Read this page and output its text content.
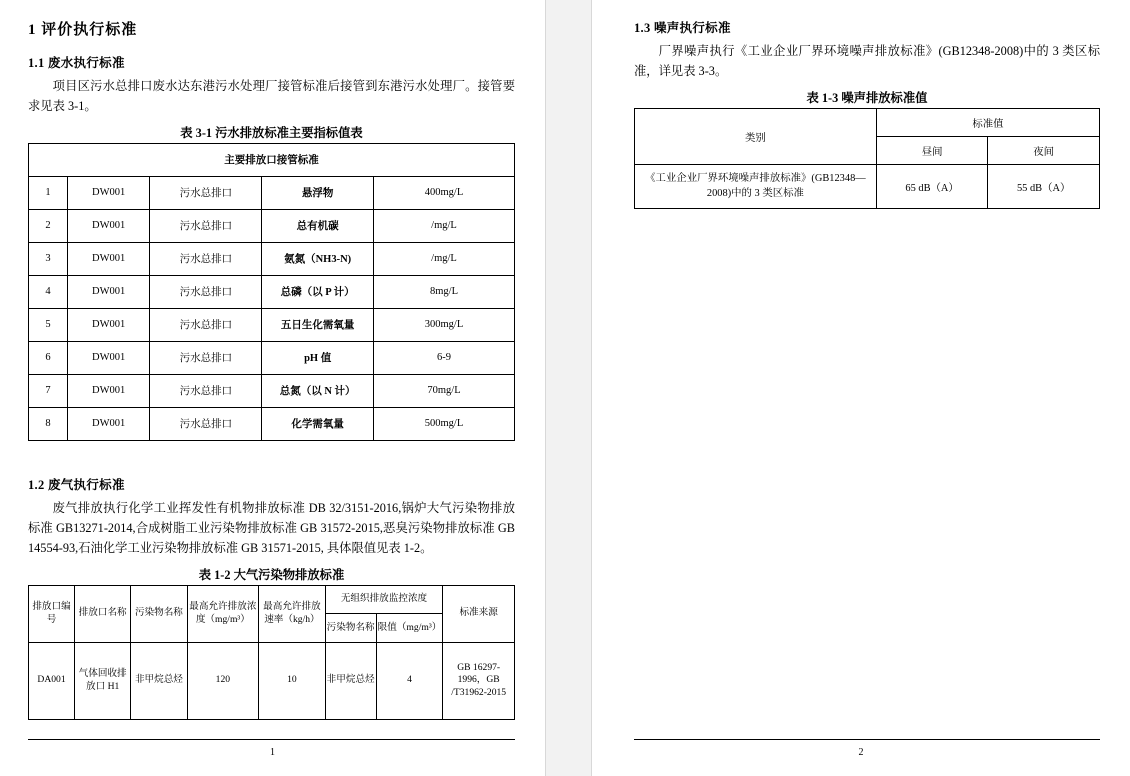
1 评价执行标准
1.1 废水执行标准

项目区污水总排口废水达东港污水处理厂接管标准后接管到东港污水处理厂。接管要求见表 3-1。

表 3-1 污水排放标准主要指标值表
主要排放口接管标准				
1	DW001	污水总排口	悬浮物	400mg/L
2	DW001	污水总排口	总有机碳	/mg/L
3	DW001	污水总排口	氨氮（NH3-N)	/mg/L
4	DW001	污水总排口	总磷（以 P 计）	8mg/L
5	DW001	污水总排口	五日生化需氧量	300mg/L
6	DW001	污水总排口	pH 值	6-9
7	DW001	污水总排口	总氮（以 N 计）	70mg/L
8	DW001	污水总排口	化学需氧量	500mg/L
1.2 废气执行标准

废气排放执行化学工业挥发性有机物排放标准 DB 32/3151-2016,锅炉大气污染物排放标准 GB13271-2014,合成树脂工业污染物排放标准 GB 31572-2015,恶臭污染物排放标准 GB 14554-93,石油化学工业污染物排放标准 GB 31571-2015, 具体限值见表 1-2。

表 1-2 大气污染物排放标准
排放口编号	排放口名称	污染物名称	最高允许排放浓度（mg/m³）	最高允许排放速率（kg/h）	无组织排放监控浓度		标准来源
					污染物名称	限值（mg/m³）	
DA001	气体回收排放口 H1	非甲烷总烃	120	10	非甲烷总烃	4	GB 16297-1996，GB /T31962-2015
1
1.3 噪声执行标准

厂界噪声执行《工业企业厂界环境噪声排放标准》(GB12348-2008)中的 3 类区标准，详见表 3-3。

表 1-3 噪声排放标准值
类别	标准值	
	昼间	夜间
《工业企业厂界环境噪声排放标准》(GB12348—2008)中的 3 类区标准	65 dB（A）	55 dB（A）
2
